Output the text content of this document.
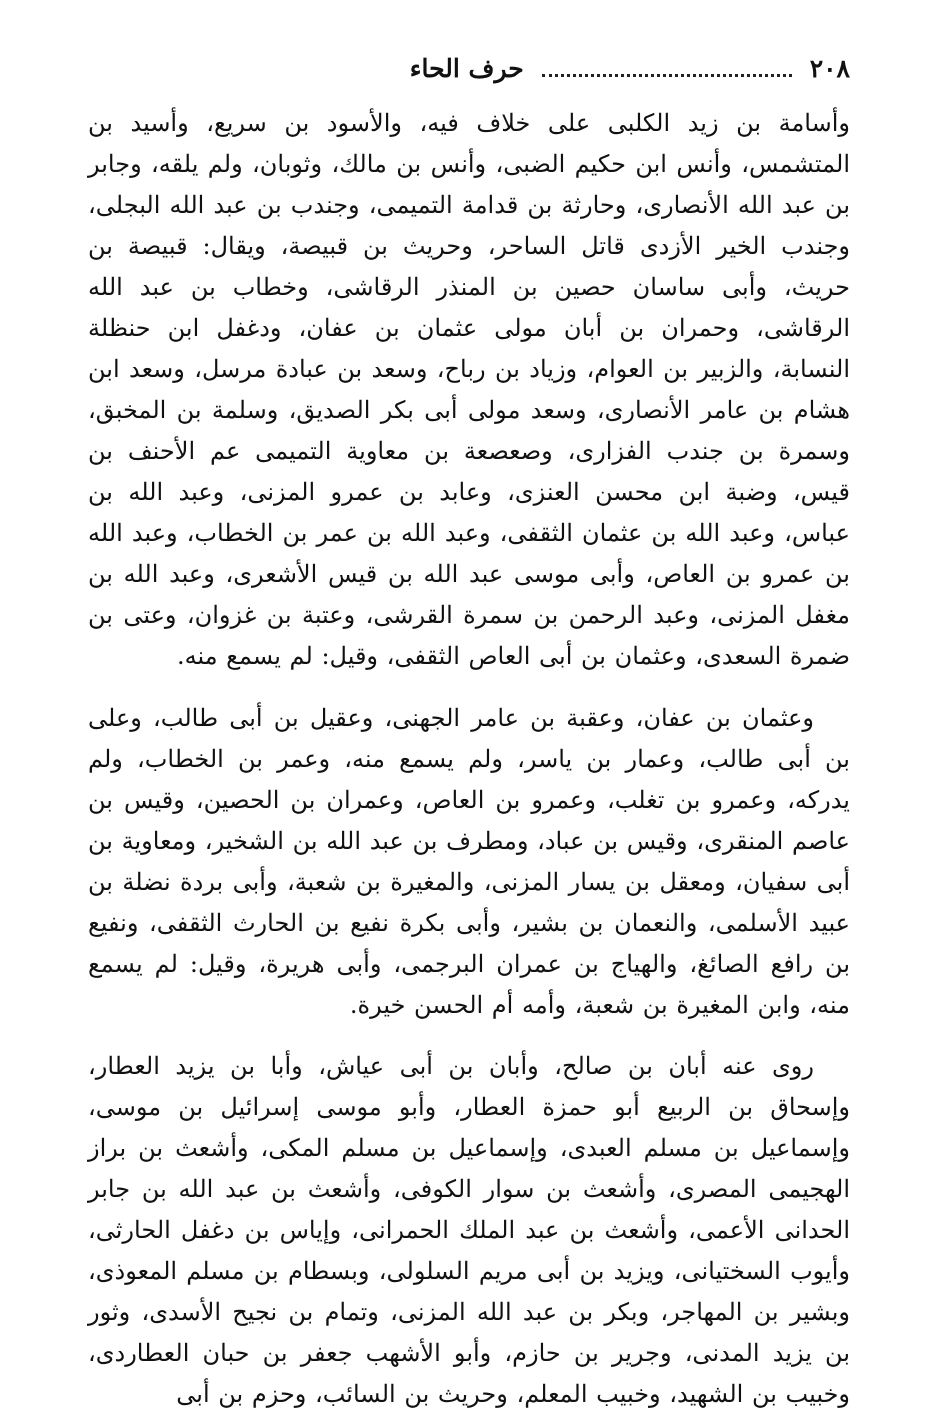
٢٠٨
حرف الحاء

وأسامة بن زيد الكلبى على خلاف فيه، والأسود بن سريع، وأسيد بن المتشمس، وأنس ابن حكيم الضبى، وأنس بن مالك، وثوبان، ولم يلقه، وجابر بن عبد الله الأنصارى، وحارثة بن قدامة التميمى، وجندب بن عبد الله البجلى، وجندب الخير الأزدى قاتل الساحر، وحريث بن قبيصة، ويقال: قبيصة بن حريث، وأبى ساسان حصين بن المنذر الرقاشى، وخطاب بن عبد الله الرقاشى، وحمران بن أبان مولى عثمان بن عفان، ودغفل ابن حنظلة النسابة، والزبير بن العوام، وزياد بن رباح، وسعد بن عبادة مرسل، وسعد ابن هشام بن عامر الأنصارى، وسعد مولى أبى بكر الصديق، وسلمة بن المخبق، وسمرة بن جندب الفزارى، وصعصعة بن معاوية التميمى عم الأحنف بن قيس، وضبة ابن محسن العنزى، وعابد بن عمرو المزنى، وعبد الله بن عباس، وعبد الله بن عثمان الثقفى، وعبد الله بن عمر بن الخطاب، وعبد الله بن عمرو بن العاص، وأبى موسى عبد الله بن قيس الأشعرى، وعبد الله بن مغفل المزنى، وعبد الرحمن بن سمرة القرشى، وعتبة بن غزوان، وعتى بن ضمرة السعدى، وعثمان بن أبى العاص الثقفى، وقيل: لم يسمع منه.

وعثمان بن عفان، وعقبة بن عامر الجهنى، وعقيل بن أبى طالب، وعلى بن أبى طالب، وعمار بن ياسر، ولم يسمع منه، وعمر بن الخطاب، ولم يدركه، وعمرو بن تغلب، وعمرو بن العاص، وعمران بن الحصين، وقيس بن عاصم المنقرى، وقيس بن عباد، ومطرف بن عبد الله بن الشخير، ومعاوية بن أبى سفيان، ومعقل بن يسار المزنى، والمغيرة بن شعبة، وأبى بردة نضلة بن عبيد الأسلمى، والنعمان بن بشير، وأبى بكرة نفيع بن الحارث الثقفى، ونفيع بن رافع الصائغ، والهياج بن عمران البرجمى، وأبى هريرة، وقيل: لم يسمع منه، وابن المغيرة بن شعبة، وأمه أم الحسن خيرة.

روى عنه أبان بن صالح، وأبان بن أبى عياش، وأبا بن يزيد العطار، وإسحاق بن الربيع أبو حمزة العطار، وأبو موسى إسرائيل بن موسى، وإسماعيل بن مسلم العبدى، وإسماعيل بن مسلم المكى، وأشعث بن براز الهجيمى المصرى، وأشعث بن سوار الكوفى، وأشعث بن عبد الله بن جابر الحدانى الأعمى، وأشعث بن عبد الملك الحمرانى، وإياس بن دغفل الحارثى، وأيوب السختيانى، ويزيد بن أبى مريم السلولى، وبسطام بن مسلم المعوذى، وبشير بن المهاجر، وبكر بن عبد الله المزنى، وتمام بن نجيح الأسدى، وثور بن يزيد المدنى، وجرير بن حازم، وأبو الأشهب جعفر بن حبان العطاردى، وخبيب بن الشهيد، وخبيب المعلم، وحريث بن السائب، وحزم بن أبى
